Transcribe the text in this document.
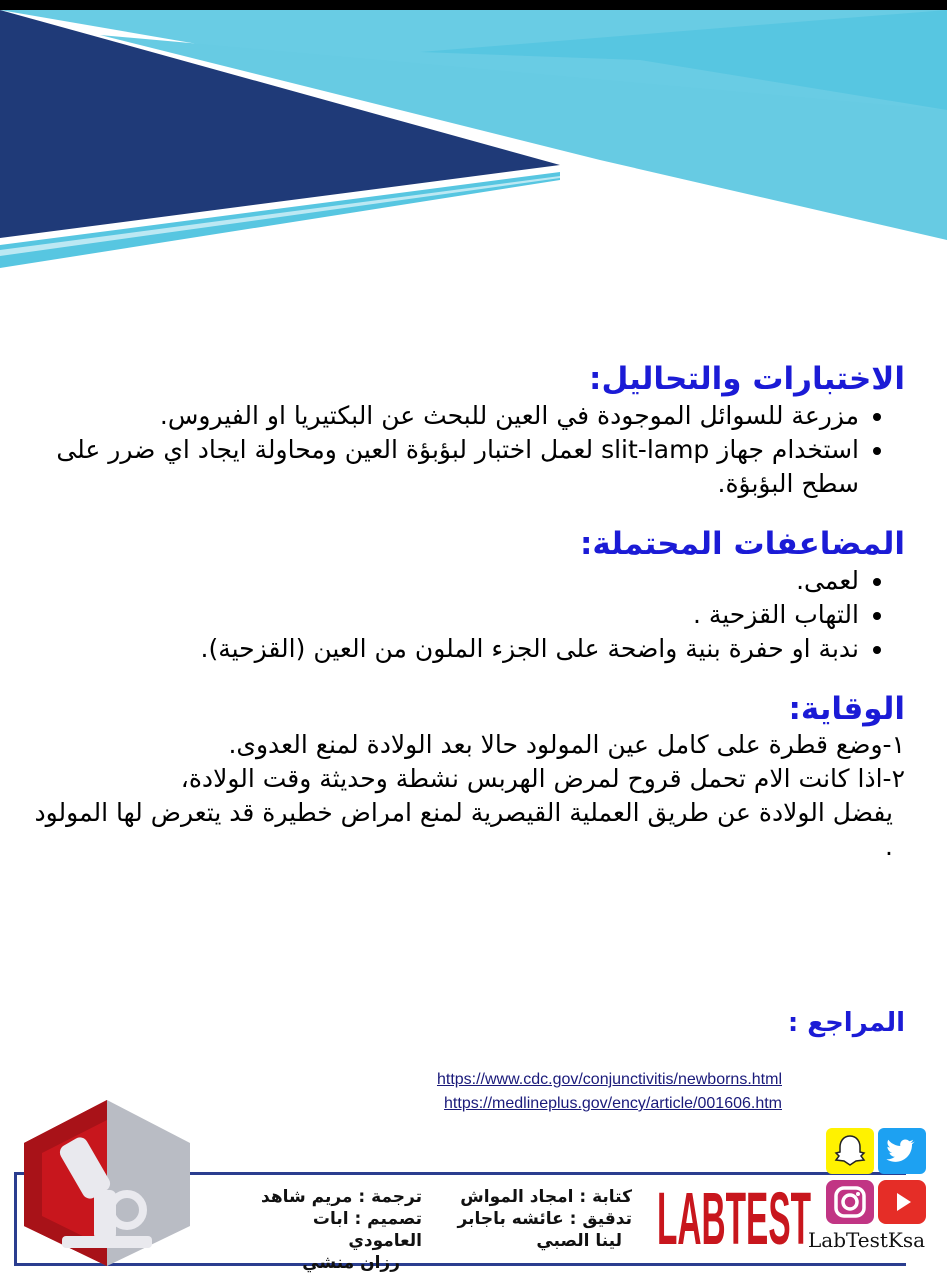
الاختبارات والتحاليل:
• مزرعة للسوائل الموجودة في العين للبحث عن البكتيريا او الفيروس.
• استخدام جهاز slit-lamp لعمل اختبار لبؤبؤة العين ومحاولة ايجاد اي ضرر على سطح البؤبؤة.
المضاعفات المحتملة:
• لعمى.
• التهاب القزحية .
• ندبة او حفرة بنية واضحة على الجزء الملون من العين (القزحية).
الوقاية:

١-وضع قطرة على كامل عين المولود حالا بعد الولادة لمنع العدوى.

٢-اذا كانت الام تحمل قروح لمرض الهربس نشطة وحديثة وقت الولادة،

يفضل الولادة عن طريق العملية القيصرية لمنع امراض خطيرة قد يتعرض لها المولود .

المراجع :
https://www.cdc.gov/conjunctivitis/newborns.html
https://medlineplus.gov/ency/article/001606.htm
ترجمة : مريم شاهد
تصميم : ابات العامودي
رزان منشي
كتابة : امجاد المواش
تدقيق : عائشه باجابر
لينا الصبي LABTEST
LabTestKsa
